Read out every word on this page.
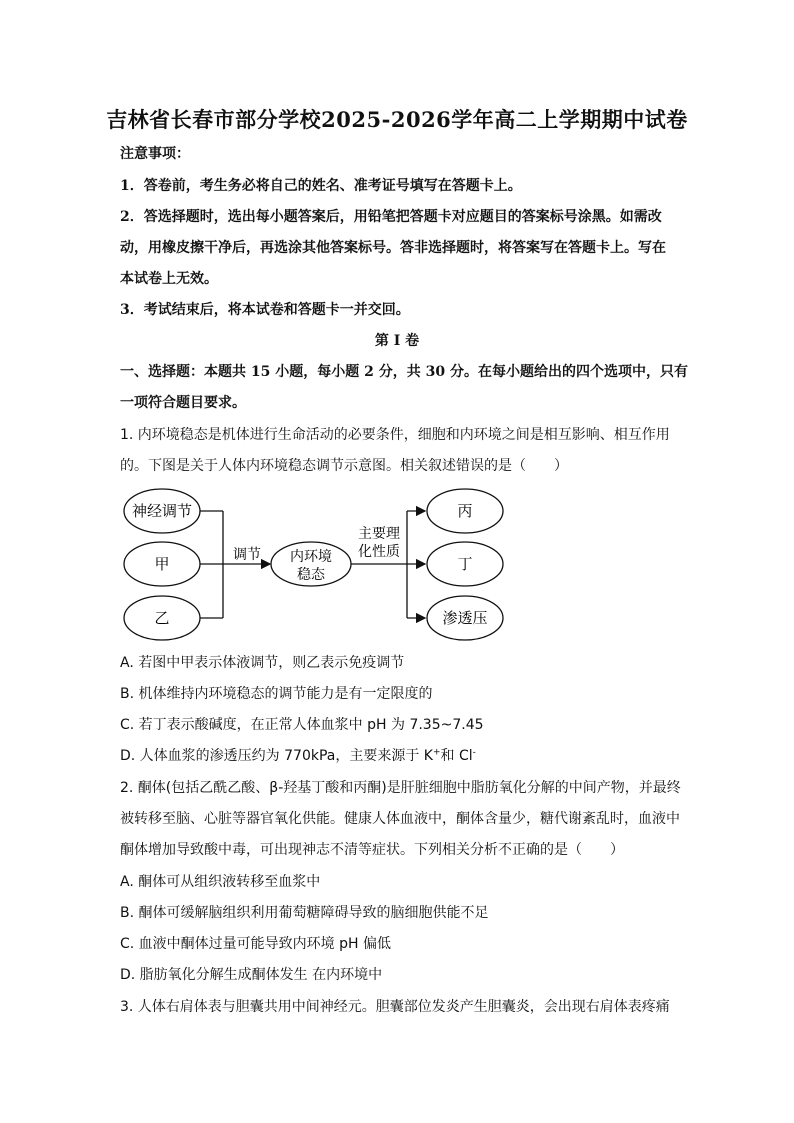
吉林省长春市部分学校2025-2026学年高二上学期期中试卷
注意事项：
1．答卷前，考生务必将自己的姓名、准考证号填写在答题卡上。
2．答选择题时，选出每小题答案后，用铅笔把答题卡对应题目的答案标号涂黑。如需改
动，用橡皮擦干净后，再选涂其他答案标号。答非选择题时，将答案写在答题卡上。写在
本试卷上无效。
3．考试结束后，将本试卷和答题卡一并交回。
第 I 卷
一、选择题：本题共 15 小题，每小题 2 分，共 30 分。在每小题给出的四个选项中，只有
一项符合题目要求。
1. 内环境稳态是机体进行生命活动的必要条件，细胞和内环境之间是相互影响、相互作用
的。下图是关于人体内环境稳态调节示意图。相关叙述错误的是（　　）
神经调节
甲
乙
调节 内环境
稳态
主要理
化性质
丙
丁
渗透压
A. 若图中甲表示体液调节，则乙表示免疫调节
B. 机体维持内环境稳态的调节能力是有一定限度的
C. 若丁表示酸碱度，在正常人体血浆中 pH 为 7.35~7.45
D. 人体血浆的渗透压约为 770kPa，主要来源于 K+和 Cl-
2. 酮体(包括乙酰乙酸、β-羟基丁酸和丙酮)是肝脏细胞中脂肪氧化分解的中间产物，并最终
被转移至脑、心脏等器官氧化供能。健康人体血液中，酮体含量少，糖代谢紊乱时，血液中
酮体增加导致酸中毒，可出现神志不清等症状。下列相关分析不正确的是（　　）
A. 酮体可从组织液转移至血浆中
B. 酮体可缓解脑组织利用葡萄糖障碍导致的脑细胞供能不足
C. 血液中酮体过量可能导致内环境 pH 偏低
D. 脂肪氧化分解生成酮体发生 在内环境中
3. 人体右肩体表与胆囊共用中间神经元。胆囊部位发炎产生胆囊炎，会出现右肩体表疼痛
